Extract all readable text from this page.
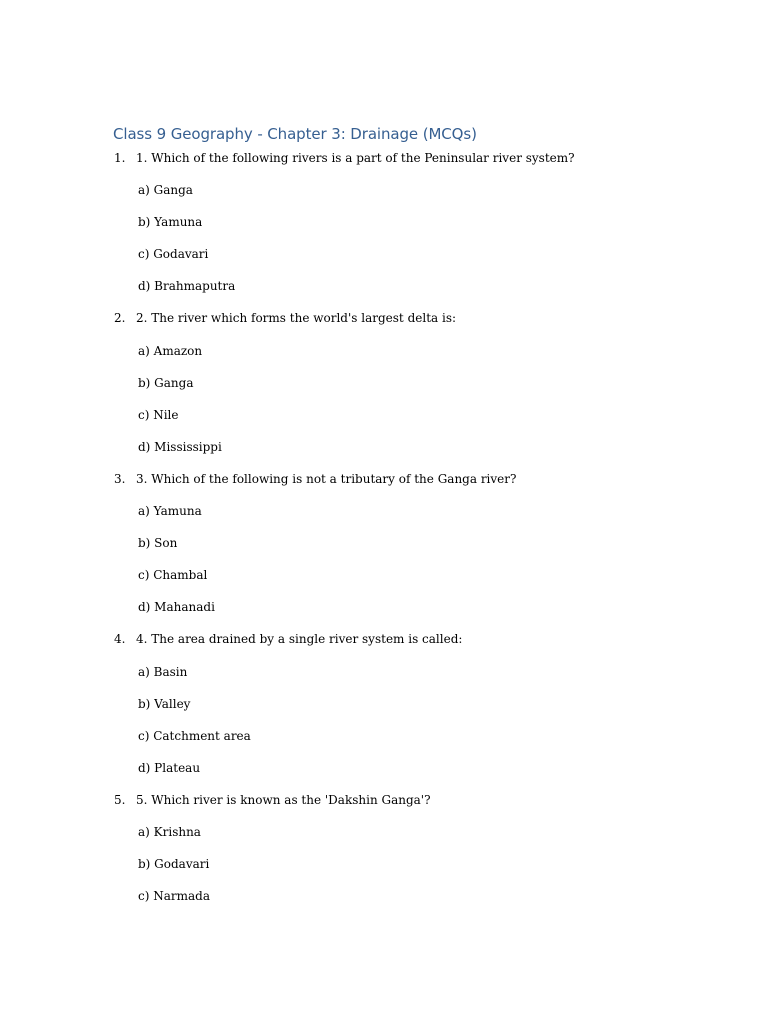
Class 9 Geography - Chapter 3: Drainage (MCQs)
1. 1. Which of the following rivers is a part of the Peninsular river system?
a) Ganga
b) Yamuna
c) Godavari
d) Brahmaputra
2. 2. The river which forms the world's largest delta is:
a) Amazon
b) Ganga
c) Nile
d) Mississippi
3. 3. Which of the following is not a tributary of the Ganga river?
a) Yamuna
b) Son
c) Chambal
d) Mahanadi
4. 4. The area drained by a single river system is called:
a) Basin
b) Valley
c) Catchment area
d) Plateau
5. 5. Which river is known as the 'Dakshin Ganga'?
a) Krishna
b) Godavari
c) Narmada
